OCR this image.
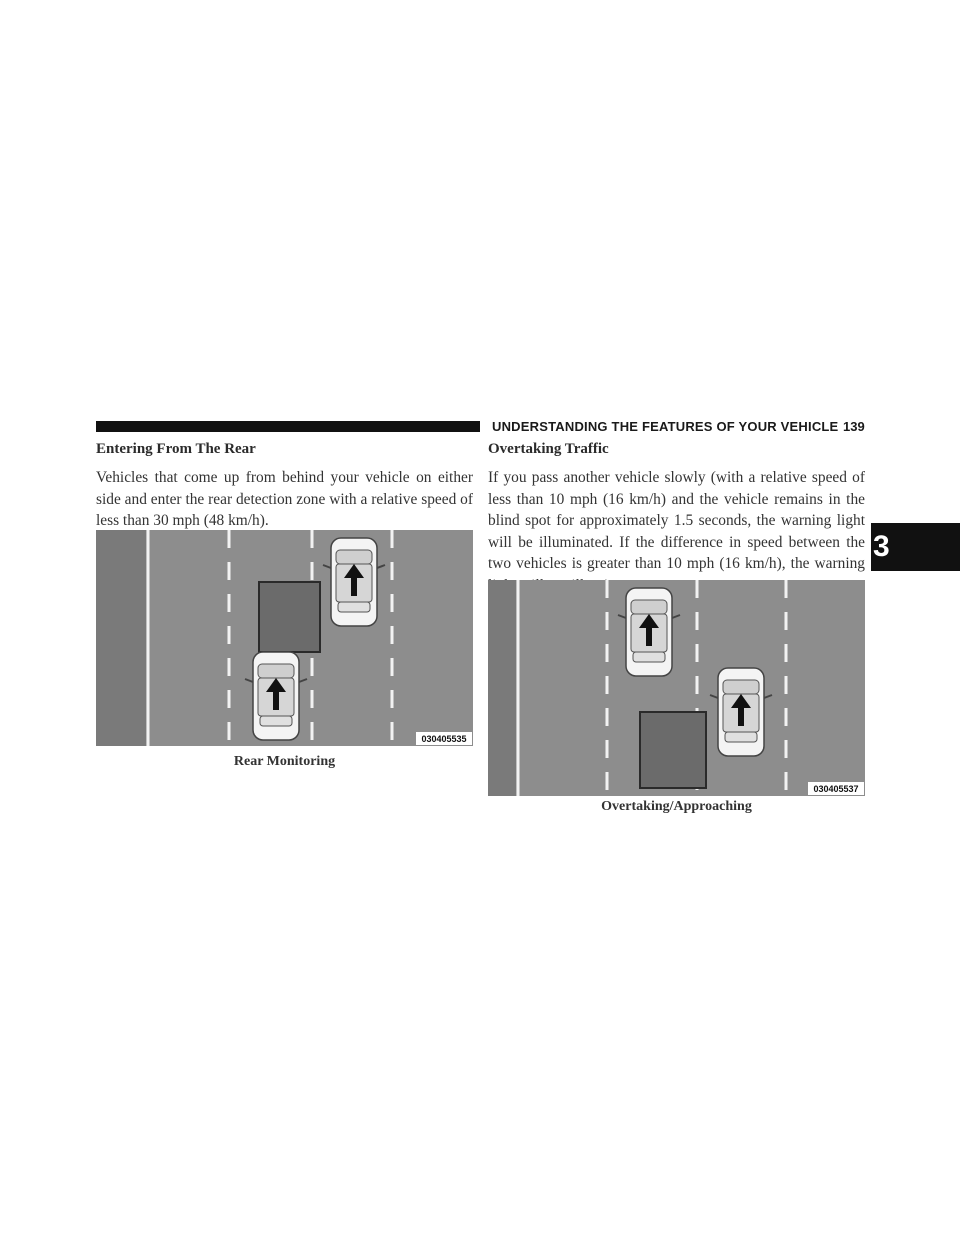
UNDERSTANDING THE FEATURES OF YOUR VEHICLE 139
3
Entering From The Rear
Vehicles that come up from behind your vehicle on either side and enter the rear detection zone with a relative speed of less than 30 mph (48 km/h).
030405535
Rear Monitoring
Overtaking Traffic
If you pass another vehicle slowly (with a relative speed of less than 10 mph (16 km/h) and the vehicle remains in the blind spot for approximately 1.5 seconds, the warning light will be illuminated. If the difference in speed between the two vehicles is greater than 10 mph (16 km/h), the warning
030405537
Overtaking/Approaching
